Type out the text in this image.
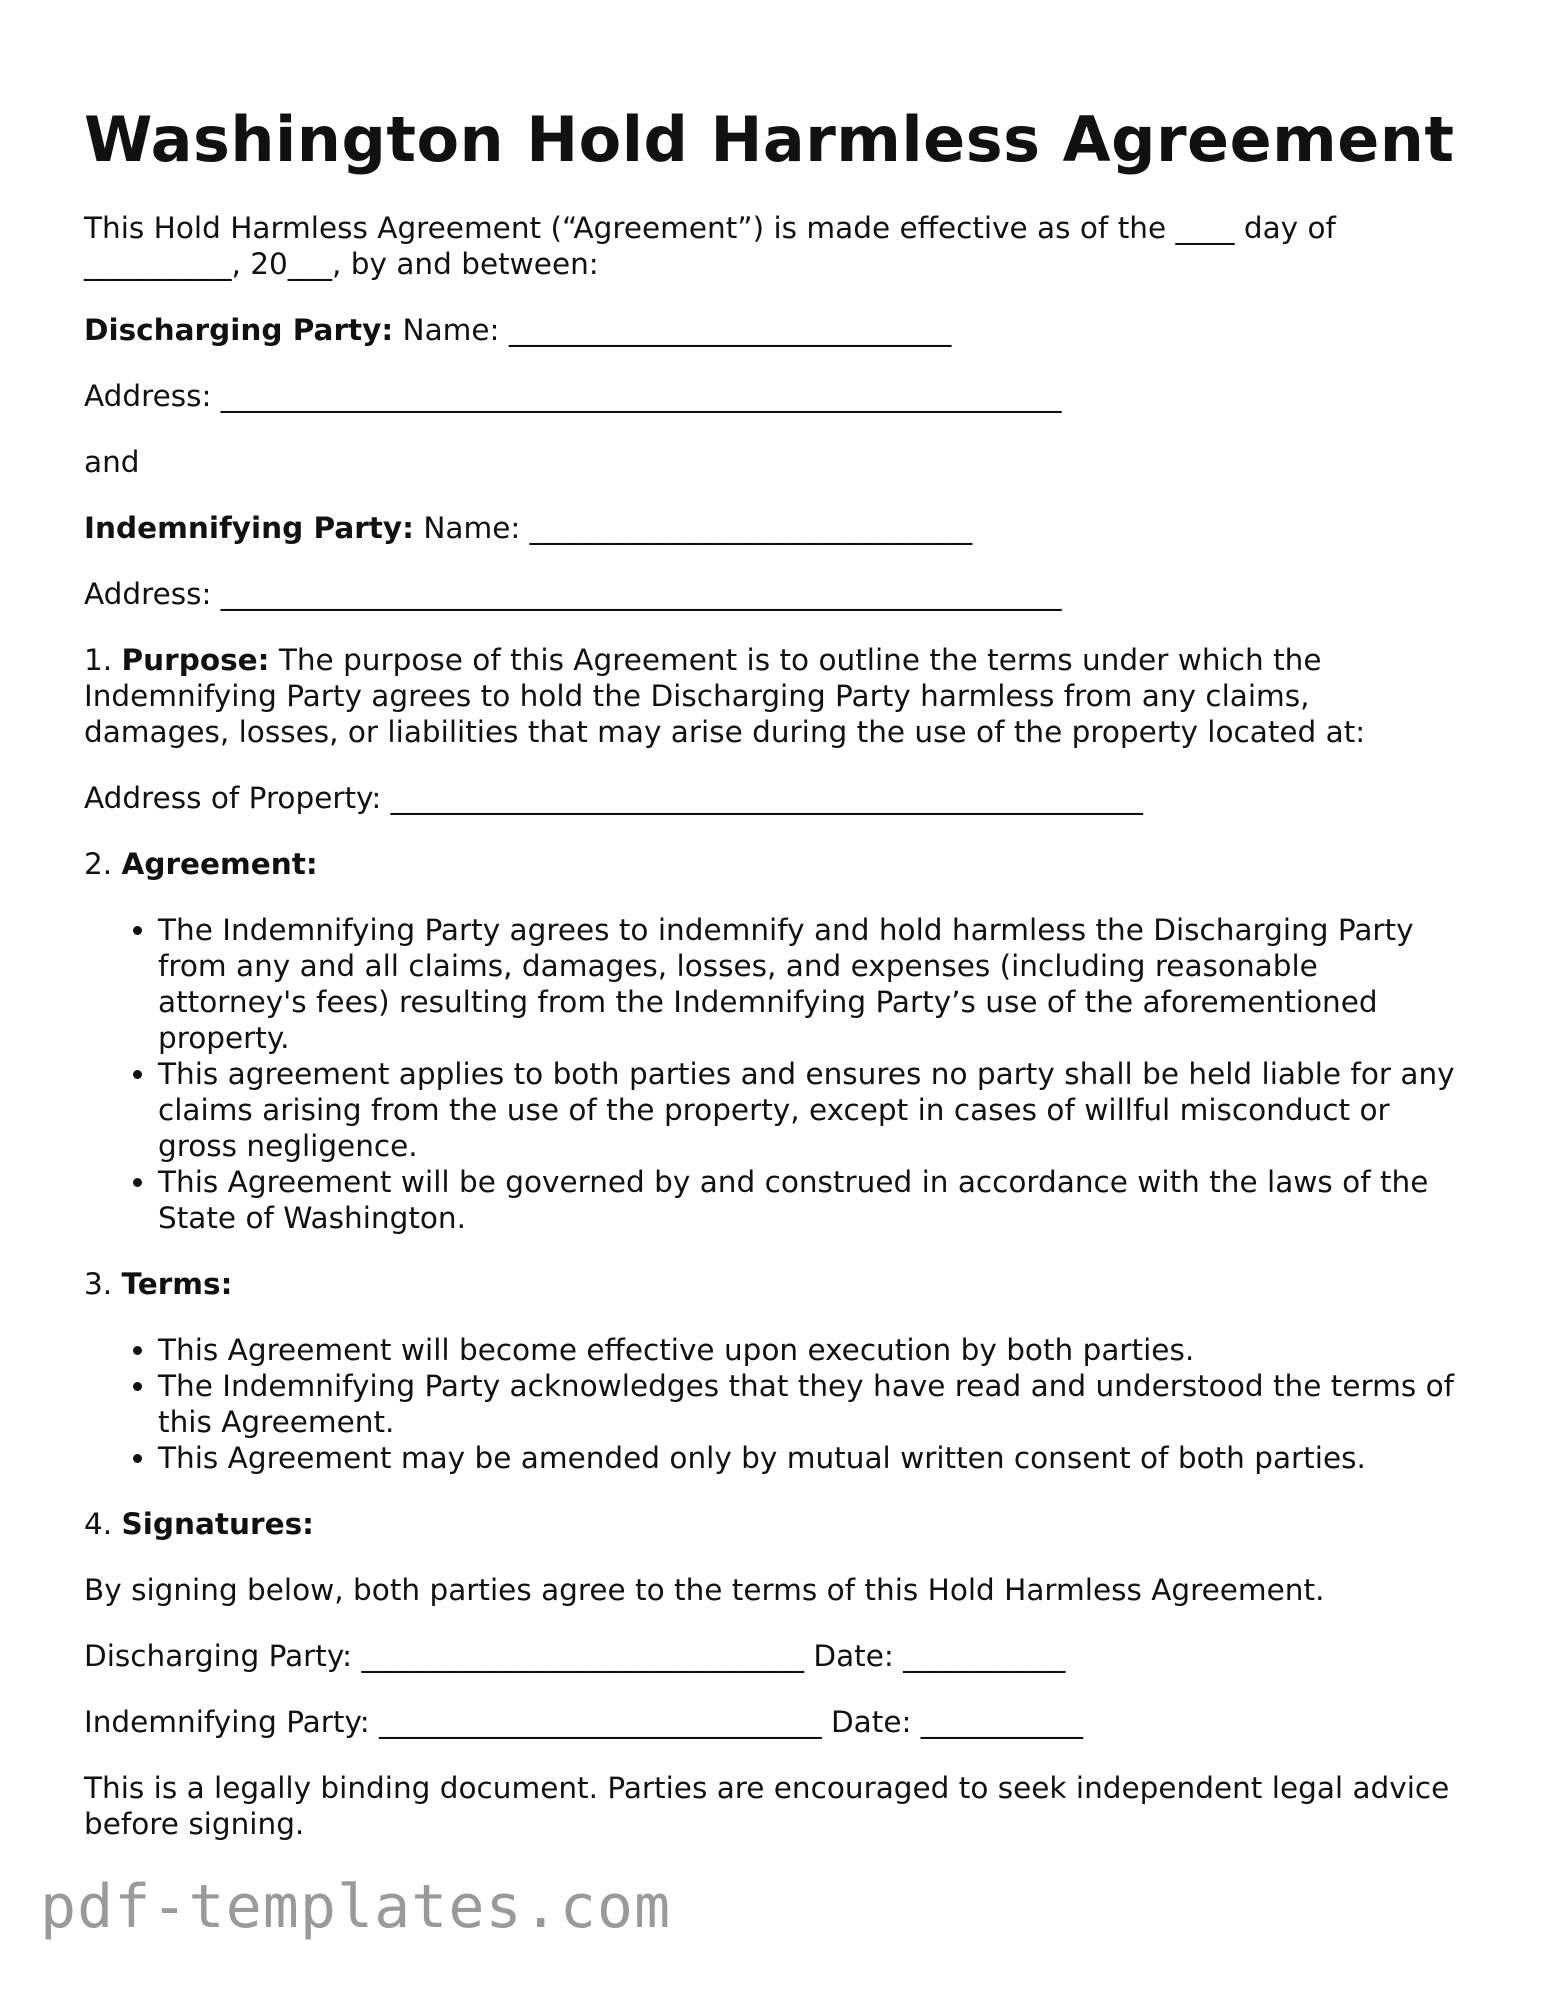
Washington Hold Harmless Agreement

This Hold Harmless Agreement (“Agreement”) is made effective as of the ____ day of
__________, 20___, by and between:

Discharging Party: Name: ______________________________

Address: _________________________________________________________

and

Indemnifying Party: Name: ______________________________

Address: _________________________________________________________

1. Purpose: The purpose of this Agreement is to outline the terms under which the Indemnifying Party agrees to hold the Discharging Party harmless from any claims, damages, losses, or liabilities that may arise during the use of the property located at:

Address of Property: ___________________________________________________

2. Agreement:

• The Indemnifying Party agrees to indemnify and hold harmless the Discharging Party from any and all claims, damages, losses, and expenses (including reasonable attorney's fees) resulting from the Indemnifying Party’s use of the aforementioned property.
• This agreement applies to both parties and ensures no party shall be held liable for any claims arising from the use of the property, except in cases of willful misconduct or gross negligence.
• This Agreement will be governed by and construed in accordance with the laws of the State of Washington.

3. Terms:

• This Agreement will become effective upon execution by both parties.
• The Indemnifying Party acknowledges that they have read and understood the terms of this Agreement.
• This Agreement may be amended only by mutual written consent of both parties.

4. Signatures:

By signing below, both parties agree to the terms of this Hold Harmless Agreement.

Discharging Party: ______________________________ Date: ___________

Indemnifying Party: ______________________________ Date: ___________

This is a legally binding document. Parties are encouraged to seek independent legal advice before signing.

pdf-templates.com
